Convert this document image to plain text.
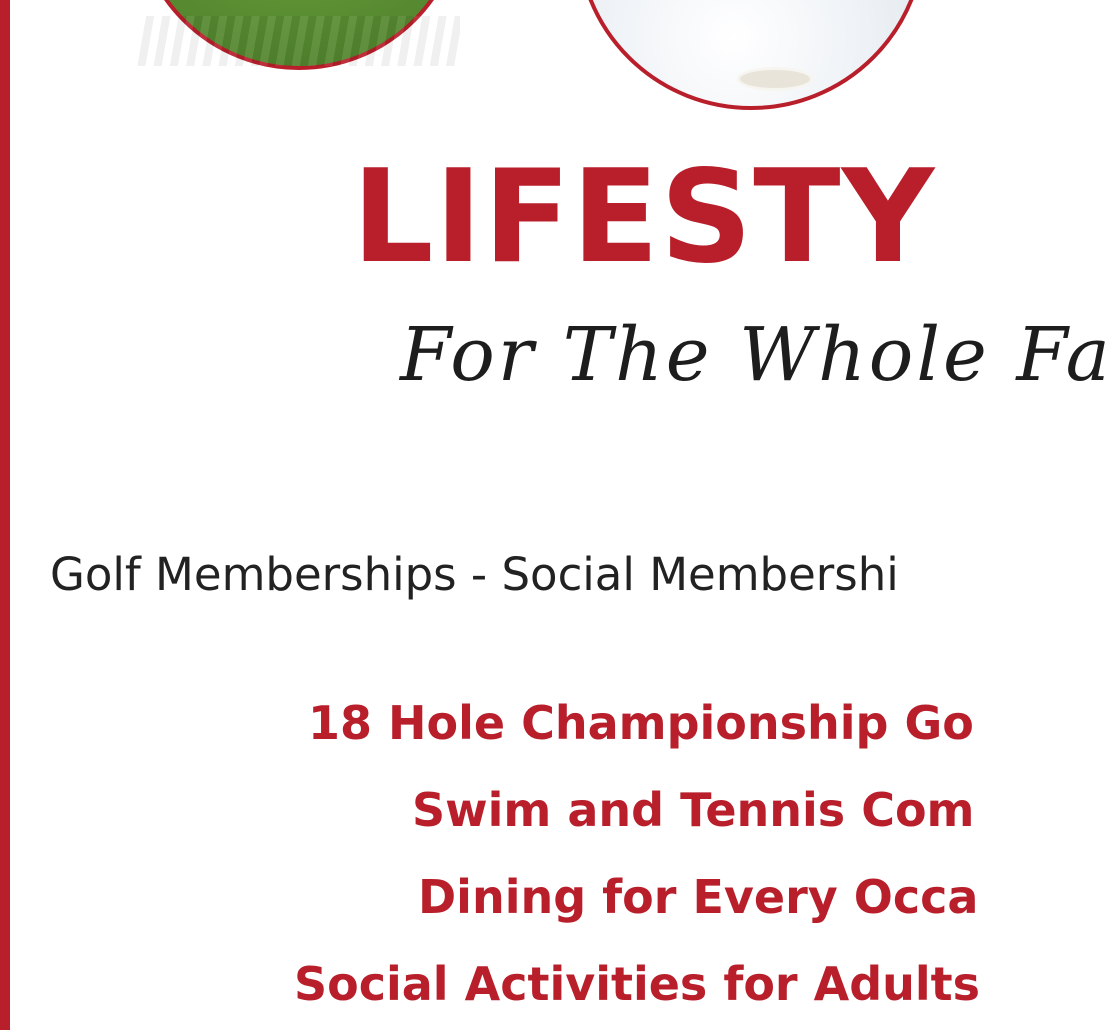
LIFESTY
For The Whole Fa
Golf Memberships - Social Membershi
18 Hole Championship Go
Swim and Tennis Com
Dining for Every Occa
Social Activities for Adults
